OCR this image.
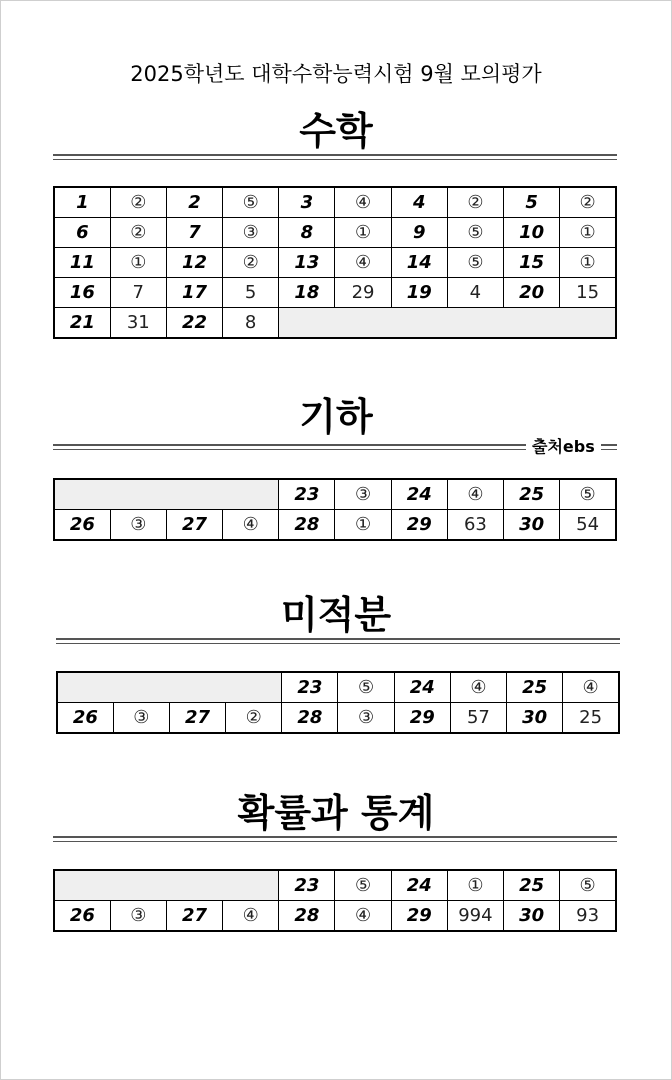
2025학년도 대학수학능력시험 9월 모의평가
수학
1	②	2	⑤	3	④	4	②	5	②
6	②	7	③	8	①	9	⑤	10	①
11	①	12	②	13	④	14	⑤	15	①
16	7	17	5	18	29	19	4	20	15
21	31	22	8						
기하
출처ebs
				23	③	24	④	25	⑤
26	③	27	④	28	①	29	63	30	54
미적분
				23	⑤	24	④	25	④
26	③	27	②	28	③	29	57	30	25
확률과 통계
				23	⑤	24	①	25	⑤
26	③	27	④	28	④	29	994	30	93
